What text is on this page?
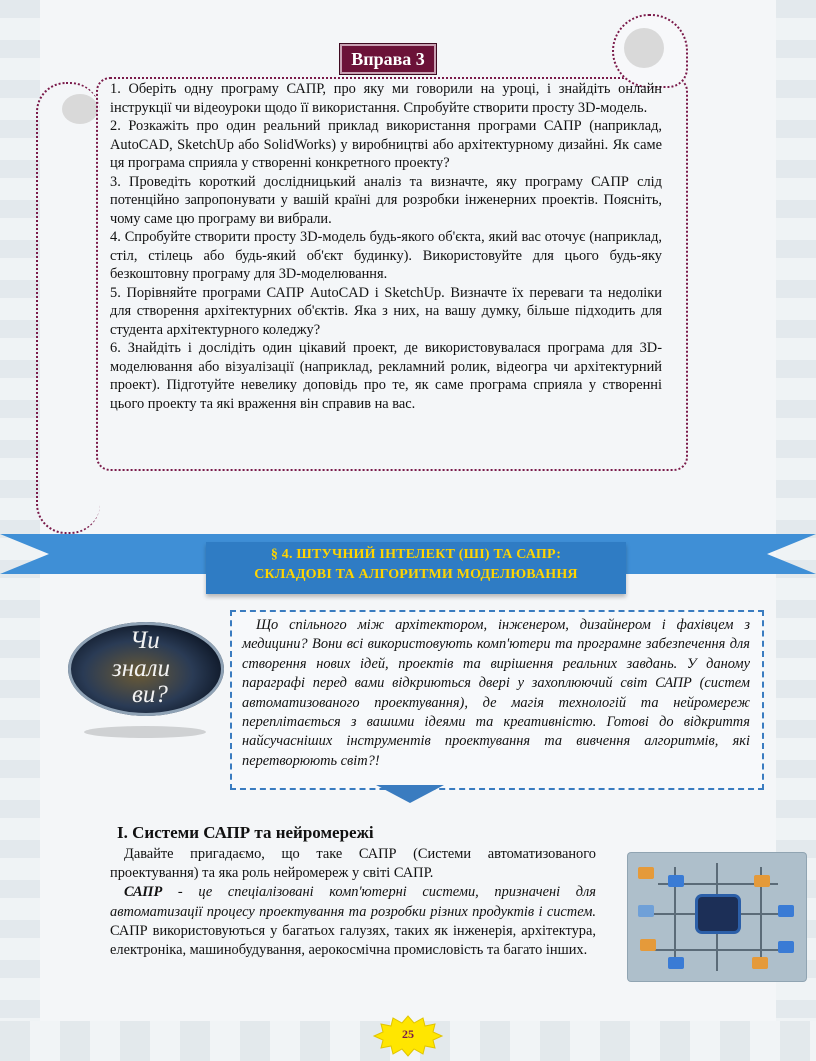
Вправа 3

1. Оберіть одну програму САПР, про яку ми говорили на уроці, і знайдіть онлайн інструкції чи відеоуроки щодо її використання. Спробуйте створити просту 3D-модель.

2. Розкажіть про один реальний приклад використання програми САПР (наприклад, AutoCAD, SketchUp або SolidWorks) у виробництві або архітектурному дизайні. Як саме ця програма сприяла у створенні конкретного проекту?

3. Проведіть короткий дослідницький аналіз та визначте, яку програму САПР слід потенційно запропонувати у вашій країні для розробки інженерних проектів. Поясніть, чому саме цю програму ви вибрали.

4. Спробуйте створити просту 3D-модель будь-якого об'єкта, який вас оточує (наприклад, стіл, стілець або будь-який об'єкт будинку). Використовуйте для цього будь-яку безкоштовну програму для 3D-моделювання.

5. Порівняйте програми САПР AutoCAD і SketchUp. Визначте їх переваги та недоліки для створення архітектурних об'єктів. Яка з них, на вашу думку, більше підходить для студента архітектурного коледжу?

6. Знайдіть і дослідіть один цікавий проект, де використовувалася програма для 3D-моделювання або візуалізації (наприклад, рекламний ролик, відеогра чи архітектурний проект). Підготуйте невелику доповідь про те, як саме програма сприяла у створенні цього проекту та які враження він справив на вас.

§ 4. ШТУЧНИЙ ІНТЕЛЕКТ (ШІ) ТА САПР:
СКЛАДОВІ ТА АЛГОРИТМИ МОДЕЛЮВАННЯ
Чи
знали
ви?
Що спільного між архітектором, інженером, дизайнером і фахівцем з медицини? Вони всі використовують комп'ютери та програмне забезпечення для створення нових ідей, проектів та вирішення реальних завдань. У даному параграфі перед вами відкриються двері у захоплюючий світ САПР (систем автоматизованого проектування), де магія технологій та нейромереж переплітається з вашими ідеями та креативністю. Готові до відкриття найсучасніших інструментів проектування та вивчення алгоритмів, які перетворюють світ?!
I. Системи САПР та нейромережі

Давайте пригадаємо, що таке САПР (Системи автоматизованого проектування) та яка роль нейромереж у світі САПР.

САПР - це спеціалізовані комп'ютерні системи, призначені для автоматизації процесу проектування та розробки різних продуктів і систем. САПР використовуються у багатьох галузях, таких як інженерія, архітектура, електроніка, машинобудування, аерокосмічна промисловість та багато інших.

25
